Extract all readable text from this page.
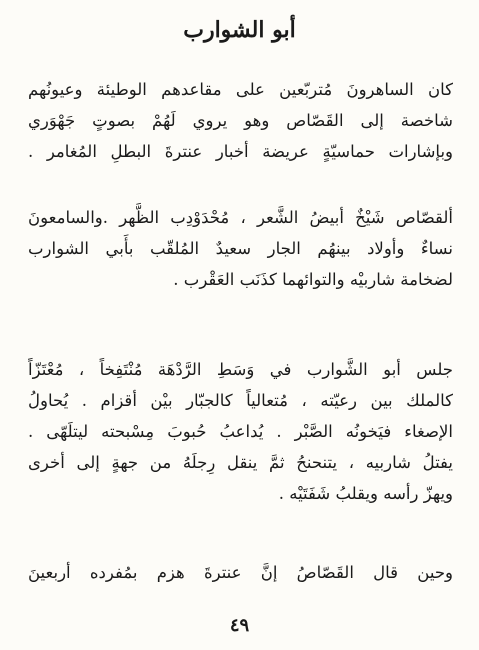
أبو الشوارب
كان الساهرونَ مُتربّعين على مقاعدهم الوطيئة وعيونُهم
شاخصة إلى القَصّاص وهو يروي لَهُمْ بصوتٍ جَهْوَري
وبإشارات حماسيّةٍ عريضة أخبار عنترةَ البطلِ المُغامر .
ألقصّاص شَيْخٌ أبيضُ الشَّعر ، مُحْدَوْدِب الظَّهر .والسامعونَ
نساءٌ وأولاد بينهُم الجار سعيدٌ المُلقّب بأَبي الشوارب
لضخامة شاربيْه والتوائهما كذَنَب العَقْرب .
جلس أبو الشَّوارب في وَسَطِ الرَّدْهَة مُنْتَفِخاً ، مُعْتَزّاً
كالملك بين رعيّته ، مُتعالياً كالجبّار بيْن أقزام . يُحاولُ
الإصغاء فيَخونُه الصَّبْر . يُداعبُ حُبوبَ مِسْبحته ليتلَهّى .
يفتلُ شاربيه ، يتنحنحُ ثمَّ ينقل رِجلَهُ من جهةٍ إلى أخرى
ويهزّ رأسه ويقلبُ شَفَتَيْه .
وحين قال القَصّاصُ إنَّ عنترةَ هزم بمُفرده أربعينَ
٤٩
